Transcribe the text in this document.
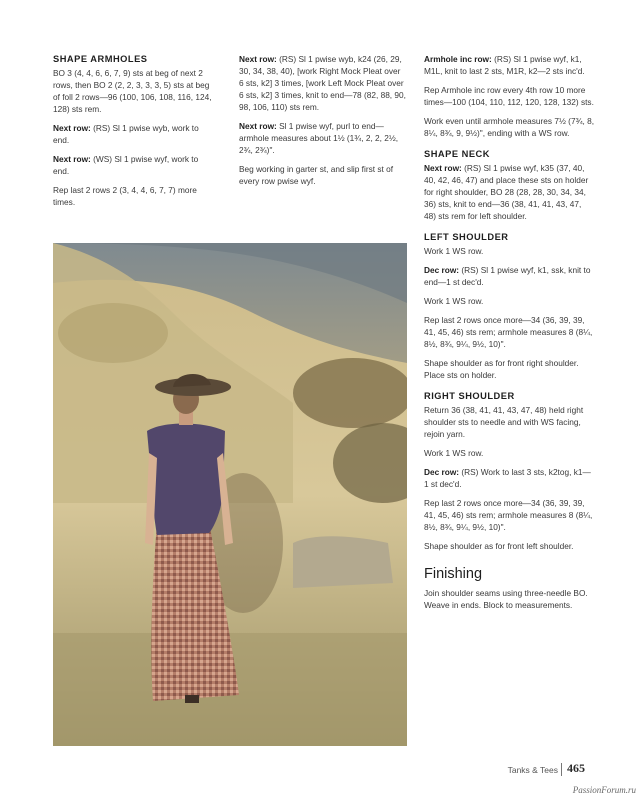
SHAPE ARMHOLES

BO 3 (4, 4, 6, 6, 7, 9) sts at beg of next 2 rows, then BO 2 (2, 2, 3, 3, 3, 5) sts at beg of foll 2 rows—96 (100, 106, 108, 116, 124, 128) sts rem.

Next row: (RS) Sl 1 pwise wyb, work to end.

Next row: (WS) Sl 1 pwise wyf, work to end.

Rep last 2 rows 2 (3, 4, 4, 6, 7, 7) more times.

Next row: (RS) Sl 1 pwise wyb, k24 (26, 29, 30, 34, 38, 40), [work Right Mock Pleat over 6 sts, k2] 3 times, [work Left Mock Pleat over 6 sts, k2] 3 times, knit to end—78 (82, 88, 90, 98, 106, 110) sts rem.

Next row: Sl 1 pwise wyf, purl to end—armhole measures about 1½ (1¾, 2, 2, 2½, 2¾, 2¾)".

Beg working in garter st, and slip first st of every row pwise wyf.

Armhole inc row: (RS) Sl 1 pwise wyf, k1, M1L, knit to last 2 sts, M1R, k2—2 sts inc'd.

Rep Armhole inc row every 4th row 10 more times—100 (104, 110, 112, 120, 128, 132) sts.

Work even until armhole measures 7½ (7¾, 8, 8¼, 8¾, 9, 9½)", ending with a WS row.

SHAPE NECK

Next row: (RS) Sl 1 pwise wyf, k35 (37, 40, 40, 42, 46, 47) and place these sts on holder for right shoulder, BO 28 (28, 28, 30, 34, 34, 36) sts, knit to end—36 (38, 41, 41, 43, 47, 48) sts rem for left shoulder.

LEFT SHOULDER

Work 1 WS row.

Dec row: (RS) Sl 1 pwise wyf, k1, ssk, knit to end—1 st dec'd.

Work 1 WS row.

Rep last 2 rows once more—34 (36, 39, 39, 41, 45, 46) sts rem; armhole measures 8 (8¼, 8½, 8¾, 9¼, 9½, 10)".

Shape shoulder as for front right shoulder. Place sts on holder.

RIGHT SHOULDER

Return 36 (38, 41, 41, 43, 47, 48) held right shoulder sts to needle and with WS facing, rejoin yarn.

Work 1 WS row.

Dec row: (RS) Work to last 3 sts, k2tog, k1—1 st dec'd.

Rep last 2 rows once more—34 (36, 39, 39, 41, 45, 46) sts rem; armhole measures 8 (8¼, 8½, 8¾, 9¼, 9½, 10)".

Shape shoulder as for front left shoulder.

Finishing

Join shoulder seams using three-needle BO. Weave in ends. Block to measurements.

Tanks & Tees 465
PassionForum.ru
